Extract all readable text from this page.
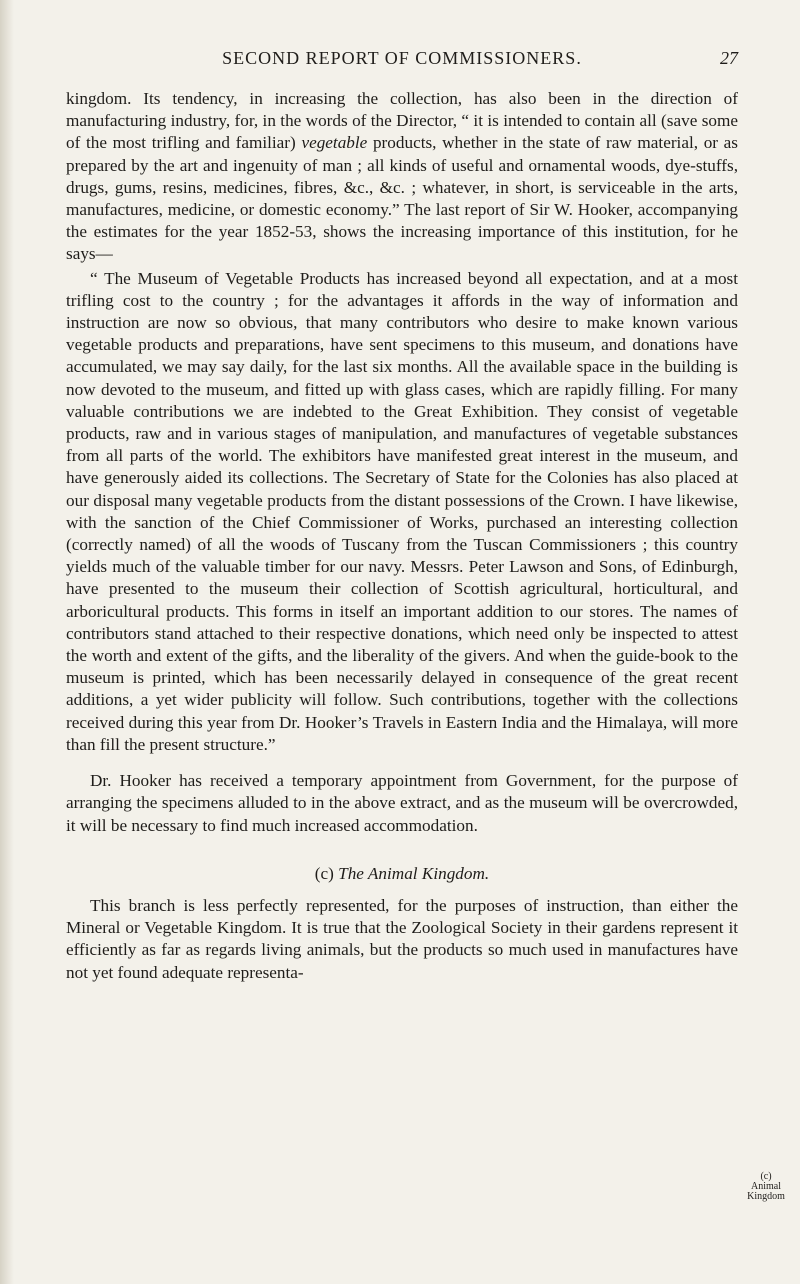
SECOND REPORT OF COMMISSIONERS.	27

kingdom. Its tendency, in increasing the collection, has also been in the direction of manufacturing industry, for, in the words of the Director, “ it is intended to contain all (save some of the most trifling and familiar) vegetable products, whether in the state of raw material, or as prepared by the art and ingenuity of man ; all kinds of useful and ornamental woods, dye-stuffs, drugs, gums, resins, medicines, fibres, &c., &c. ; whatever, in short, is serviceable in the arts, manufactures, medicine, or domestic economy.” The last report of Sir W. Hooker, accompanying the estimates for the year 1852-53, shows the increasing importance of this institution, for he says—

“ The Museum of Vegetable Products has increased beyond all expectation, and at a most trifling cost to the country ; for the advantages it affords in the way of information and instruction are now so obvious, that many contributors who desire to make known various vegetable products and preparations, have sent specimens to this museum, and donations have accumulated, we may say daily, for the last six months. All the available space in the building is now devoted to the museum, and fitted up with glass cases, which are rapidly filling. For many valuable contributions we are indebted to the Great Exhibition. They consist of vegetable products, raw and in various stages of manipulation, and manufactures of vegetable substances from all parts of the world. The exhibitors have manifested great interest in the museum, and have generously aided its collections. The Secretary of State for the Colonies has also placed at our disposal many vegetable products from the distant possessions of the Crown. I have likewise, with the sanction of the Chief Commissioner of Works, purchased an interesting collection (correctly named) of all the woods of Tuscany from the Tuscan Commissioners ; this country yields much of the valuable timber for our navy. Messrs. Peter Lawson and Sons, of Edinburgh, have presented to the museum their collection of Scottish agricultural, horticultural, and arboricultural products. This forms in itself an important addition to our stores. The names of contributors stand attached to their respective donations, which need only be inspected to attest the worth and extent of the gifts, and the liberality of the givers. And when the guide-book to the museum is printed, which has been necessarily delayed in consequence of the great recent additions, a yet wider publicity will follow. Such contributions, together with the collections received during this year from Dr. Hooker’s Travels in Eastern India and the Himalaya, will more than fill the present structure.”

Dr. Hooker has received a temporary appointment from Government, for the purpose of arranging the specimens alluded to in the above extract, and as the museum will be overcrowded, it will be necessary to find much increased accommodation.

(c) The Animal Kingdom.

This branch is less perfectly represented, for the purposes of instruction, than either the Mineral or Vegetable Kingdom. It is true that the Zoological Society in their gardens represent it efficiently as far as regards living animals, but the products so much used in manufactures have not yet found adequate representa-

(c)
Animal Kingdom
